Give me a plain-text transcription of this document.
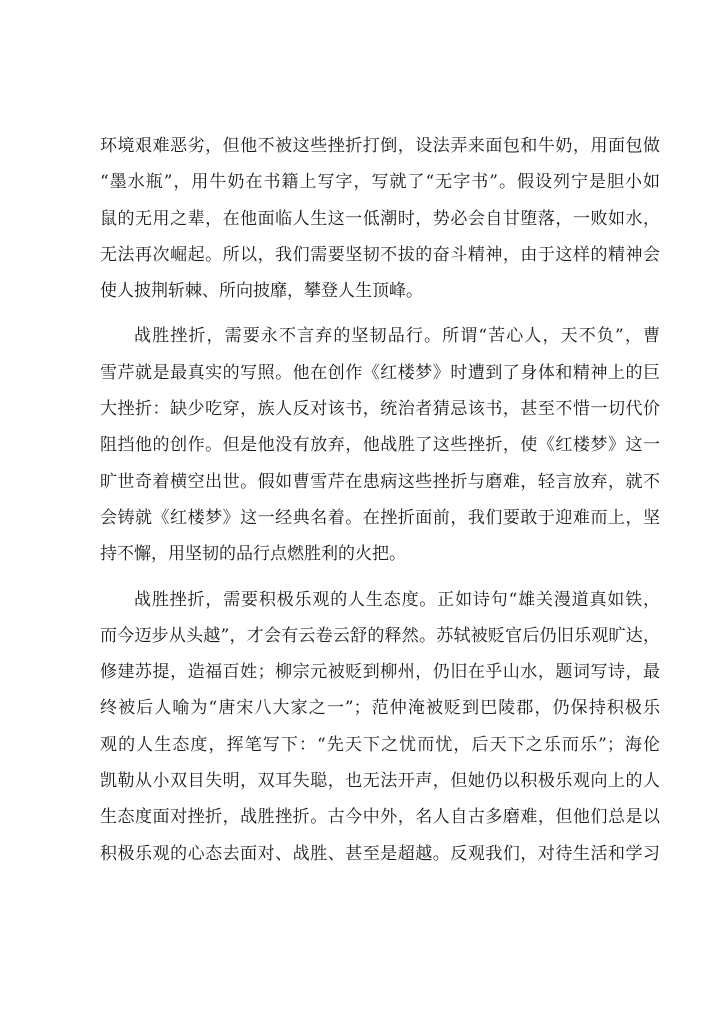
环境艰难恶劣，但他不被这些挫折打倒，设法弄来面包和牛奶，用面包做
“墨水瓶”，用牛奶在书籍上写字，写就了“无字书”。假设列宁是胆小如
鼠的无用之辈，在他面临人生这一低潮时，势必会自甘堕落，一败如水，
无法再次崛起。所以，我们需要坚韧不拔的奋斗精神，由于这样的精神会
使人披荆斩棘、所向披靡，攀登人生顶峰。
战胜挫折，需要永不言弃的坚韧品行。所谓“苦心人，天不负”，曹
雪芹就是最真实的写照。他在创作《红楼梦》时遭到了身体和精神上的巨
大挫折：缺少吃穿，族人反对该书，统治者猜忌该书，甚至不惜一切代价
阻挡他的创作。但是他没有放弃，他战胜了这些挫折，使《红楼梦》这一
旷世奇着横空出世。假如曹雪芹在患病这些挫折与磨难，轻言放弃，就不
会铸就《红楼梦》这一经典名着。在挫折面前，我们要敢于迎难而上，坚
持不懈，用坚韧的品行点燃胜利的火把。
战胜挫折，需要积极乐观的人生态度。正如诗句“雄关漫道真如铁，
而今迈步从头越”，才会有云卷云舒的释然。苏轼被贬官后仍旧乐观旷达，
修建苏提，造福百姓；柳宗元被贬到柳州，仍旧在乎山水，题词写诗，最
终被后人喻为“唐宋八大家之一”；范仲淹被贬到巴陵郡，仍保持积极乐
观的人生态度，挥笔写下：“先天下之忧而忧，后天下之乐而乐”；海伦
凯勒从小双目失明，双耳失聪，也无法开声，但她仍以积极乐观向上的人
生态度面对挫折，战胜挫折。古今中外，名人自古多磨难，但他们总是以
积极乐观的心态去面对、战胜、甚至是超越。反观我们，对待生活和学习
